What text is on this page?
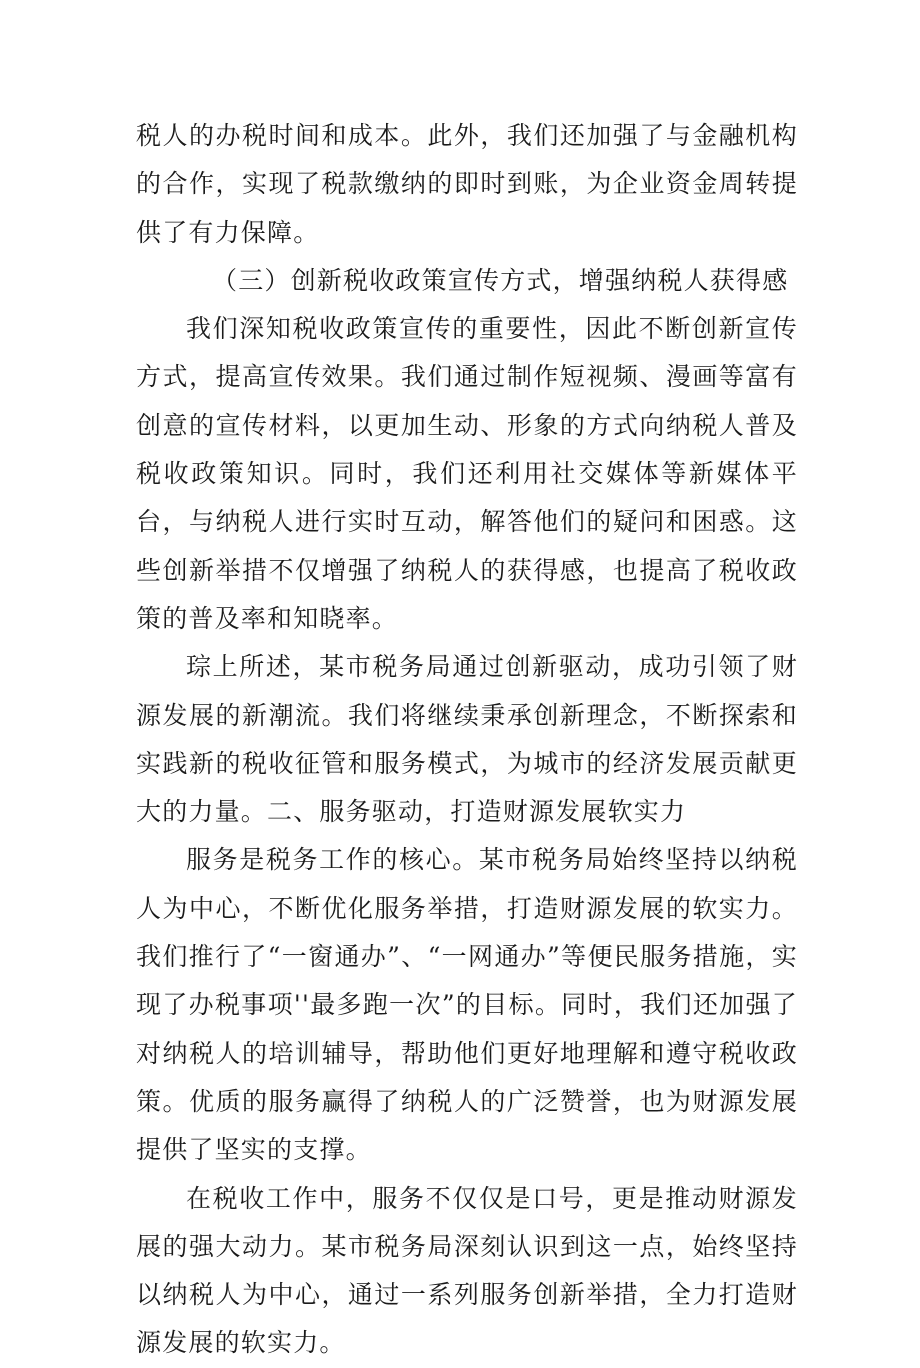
税人的办税时间和成本。此外，我们还加强了与金融机构的合作，实现了税款缴纳的即时到账，为企业资金周转提供了有力保障。

（三）创新税收政策宣传方式，增强纳税人获得感

我们深知税收政策宣传的重要性，因此不断创新宣传方式，提高宣传效果。我们通过制作短视频、漫画等富有创意的宣传材料，以更加生动、形象的方式向纳税人普及税收政策知识。同时，我们还利用社交媒体等新媒体平台，与纳税人进行实时互动，解答他们的疑问和困惑。这些创新举措不仅增强了纳税人的获得感，也提高了税收政策的普及率和知晓率。

琮上所述，某市税务局通过创新驱动，成功引领了财源发展的新潮流。我们将继续秉承创新理念，不断探索和实践新的税收征管和服务模式，为城市的经济发展贡献更大的力量。二、服务驱动，打造财源发展软实力

服务是税务工作的核心。某市税务局始终坚持以纳税人为中心，不断优化服务举措，打造财源发展的软实力。我们推行了“一窗通办”、“一网通办”等便民服务措施，实现了办税事项''最多跑一次”的目标。同时，我们还加强了对纳税人的培训辅导，帮助他们更好地理解和遵守税收政策。优质的服务赢得了纳税人的广泛赞誉，也为财源发展提供了坚实的支撑。

在税收工作中，服务不仅仅是口号，更是推动财源发展的强大动力。某市税务局深刻认识到这一点，始终坚持以纳税人为中心，通过一系列服务创新举措，全力打造财源发展的软实力。
